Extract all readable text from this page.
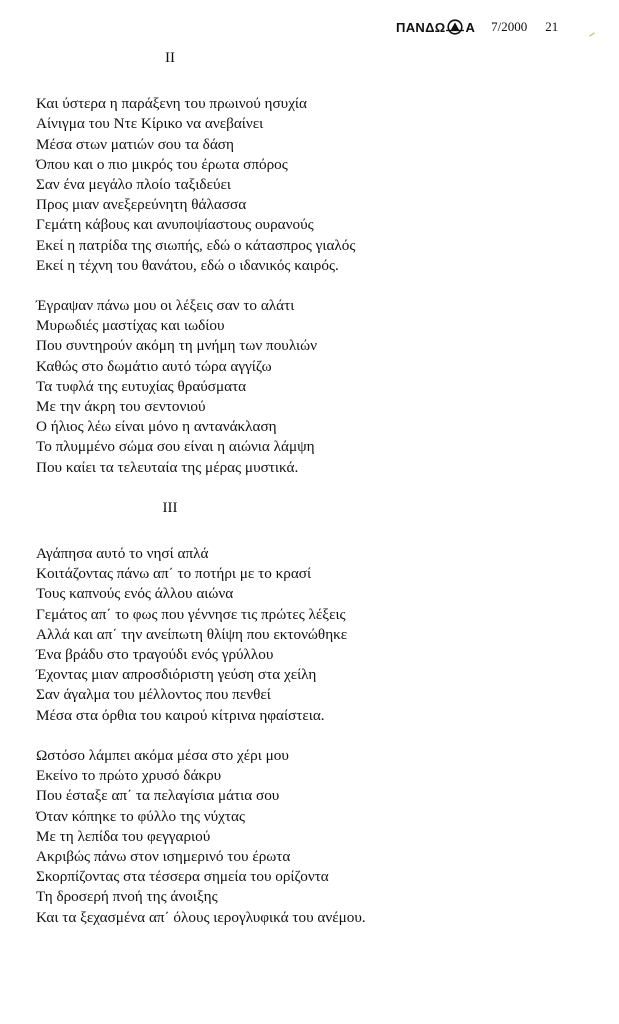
ΠΑΝΔΩ Α 7/2000 21
II
Και ύστερα η παράξενη του πρωινού ησυχία
Αίνιγμα του Ντε Κίρικο να ανεβαίνει
Μέσα στων ματιών σου τα δάση
Όπου και ο πιο μικρός του έρωτα σπόρος
Σαν ένα μεγάλο πλοίο ταξιδεύει
Προς μιαν ανεξερεύνητη θάλασσα
Γεμάτη κάβους και ανυποψίαστους ουρανούς
Εκεί η πατρίδα της σιωπής, εδώ ο κάτασπρος γιαλός
Εκεί η τέχνη του θανάτου, εδώ ο ιδανικός καιρός.
Έγραψαν πάνω μου οι λέξεις σαν το αλάτι
Μυρωδιές μαστίχας και ιωδίου
Που συντηρούν ακόμη τη μνήμη των πουλιών
Καθώς στο δωμάτιο αυτό τώρα αγγίζω
Τα τυφλά της ευτυχίας θραύσματα
Με την άκρη του σεντονιού
Ο ήλιος λέω είναι μόνο η αντανάκλαση
Το πλυμμένο σώμα σου είναι η αιώνια λάμψη
Που καίει τα τελευταία της μέρας μυστικά.
III
Αγάπησα αυτό το νησί απλά
Κοιτάζοντας πάνω απ΄ το ποτήρι με το κρασί
Τους καπνούς ενός άλλου αιώνα
Γεμάτος απ΄ το φως που γέννησε τις πρώτες λέξεις
Αλλά και απ΄ την ανείπωτη θλίψη που εκτονώθηκε
Ένα βράδυ στο τραγούδι ενός γρύλλου
Έχοντας μιαν απροσδιόριστη γεύση στα χείλη
Σαν άγαλμα του μέλλοντος που πενθεί
Μέσα στα όρθια του καιρού κίτρινα ηφαίστεια.
Ωστόσο λάμπει ακόμα μέσα στο χέρι μου
Εκείνο το πρώτο χρυσό δάκρυ
Που έσταξε απ΄ τα πελαγίσια μάτια σου
Όταν κόπηκε το φύλλο της νύχτας
Με τη λεπίδα του φεγγαριού
Ακριβώς πάνω στον ισημερινό του έρωτα
Σκορπίζοντας στα τέσσερα σημεία του ορίζοντα
Τη δροσερή πνοή της άνοιξης
Και τα ξεχασμένα απ΄ όλους ιερογλυφικά του ανέμου.
